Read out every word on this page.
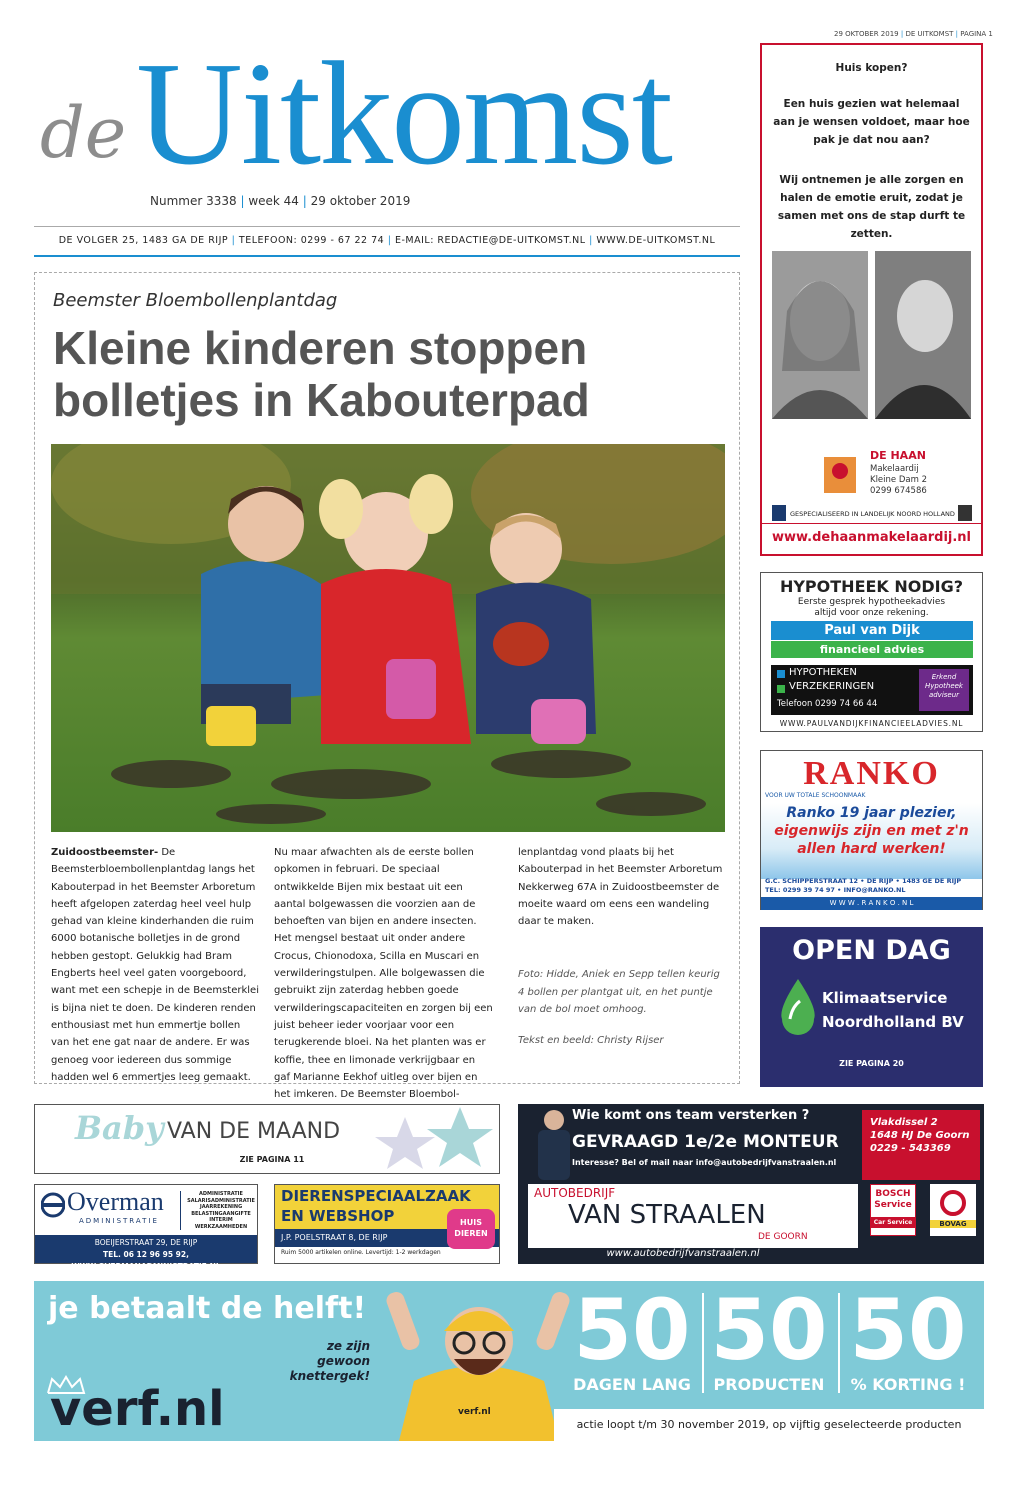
29 OKTOBER 2019 | DE UITKOMST | PAGINA 1
de Uitkomst
Nummer 3338 | week 44 | 29 oktober 2019
DE VOLGER 25, 1483 GA DE RIJP | TELEFOON: 0299 - 67 22 74 | E-MAIL: REDACTIE@DE-UITKOMST.NL | WWW.DE-UITKOMST.NL
Beemster Bloembollenplantdag
Kleine kinderen stoppen bolletjes in Kabouterpad
Zuidoostbeemster- De Beemsterbloembollenplantdag langs het Kabouterpad in het Beemster Arboretum heeft afgelopen zaterdag heel veel hulp gehad van kleine kinderhanden die ruim 6000 botanische bolletjes in de grond hebben gestopt. Gelukkig had Bram Engberts heel veel gaten voorgeboord, want met een schepje in de Beemsterklei is bijna niet te doen. De kinderen renden enthousiast met hun emmertje bollen van het ene gat naar de andere. Er was genoeg voor iedereen dus sommige hadden wel 6 emmertjes leeg gemaakt.
Nu maar afwachten als de eerste bollen opkomen in februari. De speciaal ontwikkelde Bijen mix bestaat uit een aantal bolgewassen die voorzien aan de behoeften van bijen en andere insecten. Het mengsel bestaat uit onder andere Crocus, Chionodoxa, Scilla en Muscari en verwilderingstulpen. Alle bolgewassen die gebruikt zijn zaterdag hebben goede verwilderingscapaciteiten en zorgen bij een juist beheer ieder voorjaar voor een terugkerende bloei. Na het planten was er koffie, thee en limonade verkrijgbaar en gaf Marianne Eekhof uitleg over bijen en het imkeren. De Beemster Bloembol-
lenplantdag vond plaats bij het Kabouterpad in het Beemster Arboretum Nekkerweg 67A in Zuidoostbeemster de moeite waard om eens een wandeling daar te maken.
Foto: Hidde, Aniek en Sepp tellen keurig 4 bollen per plantgat uit, en het puntje van de bol moet omhoog.
Tekst en beeld: Christy Rijser
Huis kopen?
Een huis gezien wat helemaal aan je wensen voldoet, maar hoe pak je dat nou aan?
Wij ontnemen je alle zorgen en halen de emotie eruit, zodat je samen met ons de stap durft te zetten.
DE HAAN
Makelaardij
Kleine Dam 2
0299 674586
GESPECIALISEERD IN LANDELIJK NOORD HOLLAND
www.dehaanmakelaardij.nl
HYPOTHEEK NODIG?
Eerste gesprek hypotheekadvies
altijd voor onze rekening.
Paul van Dijk
financieel advies
HYPOTHEKEN
VERZEKERINGEN
Telefoon 0299 74 66 44
Erkend
Hypotheek
adviseur
WWW.PAULVANDIJKFINANCIEELADVIES.NL
RANKO
VOOR UW TOTALE SCHOONMAAK
Ranko 19 jaar plezier,
eigenwijs zijn en met z'n
allen hard werken!
G.C. SCHIPPERSTRAAT 12 • DE RIJP • 1483 GE DE RIJP
TEL: 0299 39 74 97 • INFO@RANKO.NL
W W W . R A N K O . N L
OPEN DAG
Klimaatservice
Noordholland BV
ZIE PAGINA 20
Baby VAN DE MAAND
ZIE PAGINA 11
Overman
ADMINISTRATIE
ADMINISTRATIE
SALARISADMINISTRATIE
JAARREKENING
BELASTINGAANGIFTE
INTERIM WERKZAAMHEDEN
BOEIJERSTRAAT 29, DE RIJP
TEL. 06 12 96 95 92, WWW.OVERMANADMINISTRATIE.NL
DIERENSPECIAALZAAK
EN WEBSHOP
J.P. POELSTRAAT 8, DE RIJP
Ruim 5000 artikelen online. Levertijd: 1-2 werkdagen
HUIS
DIEREN
Wie komt ons team versterken ?
GEVRAAGD 1e/2e MONTEUR
Interesse? Bel of mail naar info@autobedrijfvanstraalen.nl
Vlakdissel 2
1648 HJ De Goorn
0229 - 543369
AUTOBEDRIJF
VAN STRAALEN
DE GOORN
BOSCH
Service
Car Service	BOVAG
www.autobedrijfvanstraalen.nl
je betaalt de helft!
ze zijn gewoon
knettergek!
verf.nl	verf.nl
50 50 50
DAGEN LANG	PRODUCTEN	% KORTING !
actie loopt t/m 30 november 2019, op vijftig geselecteerde producten
